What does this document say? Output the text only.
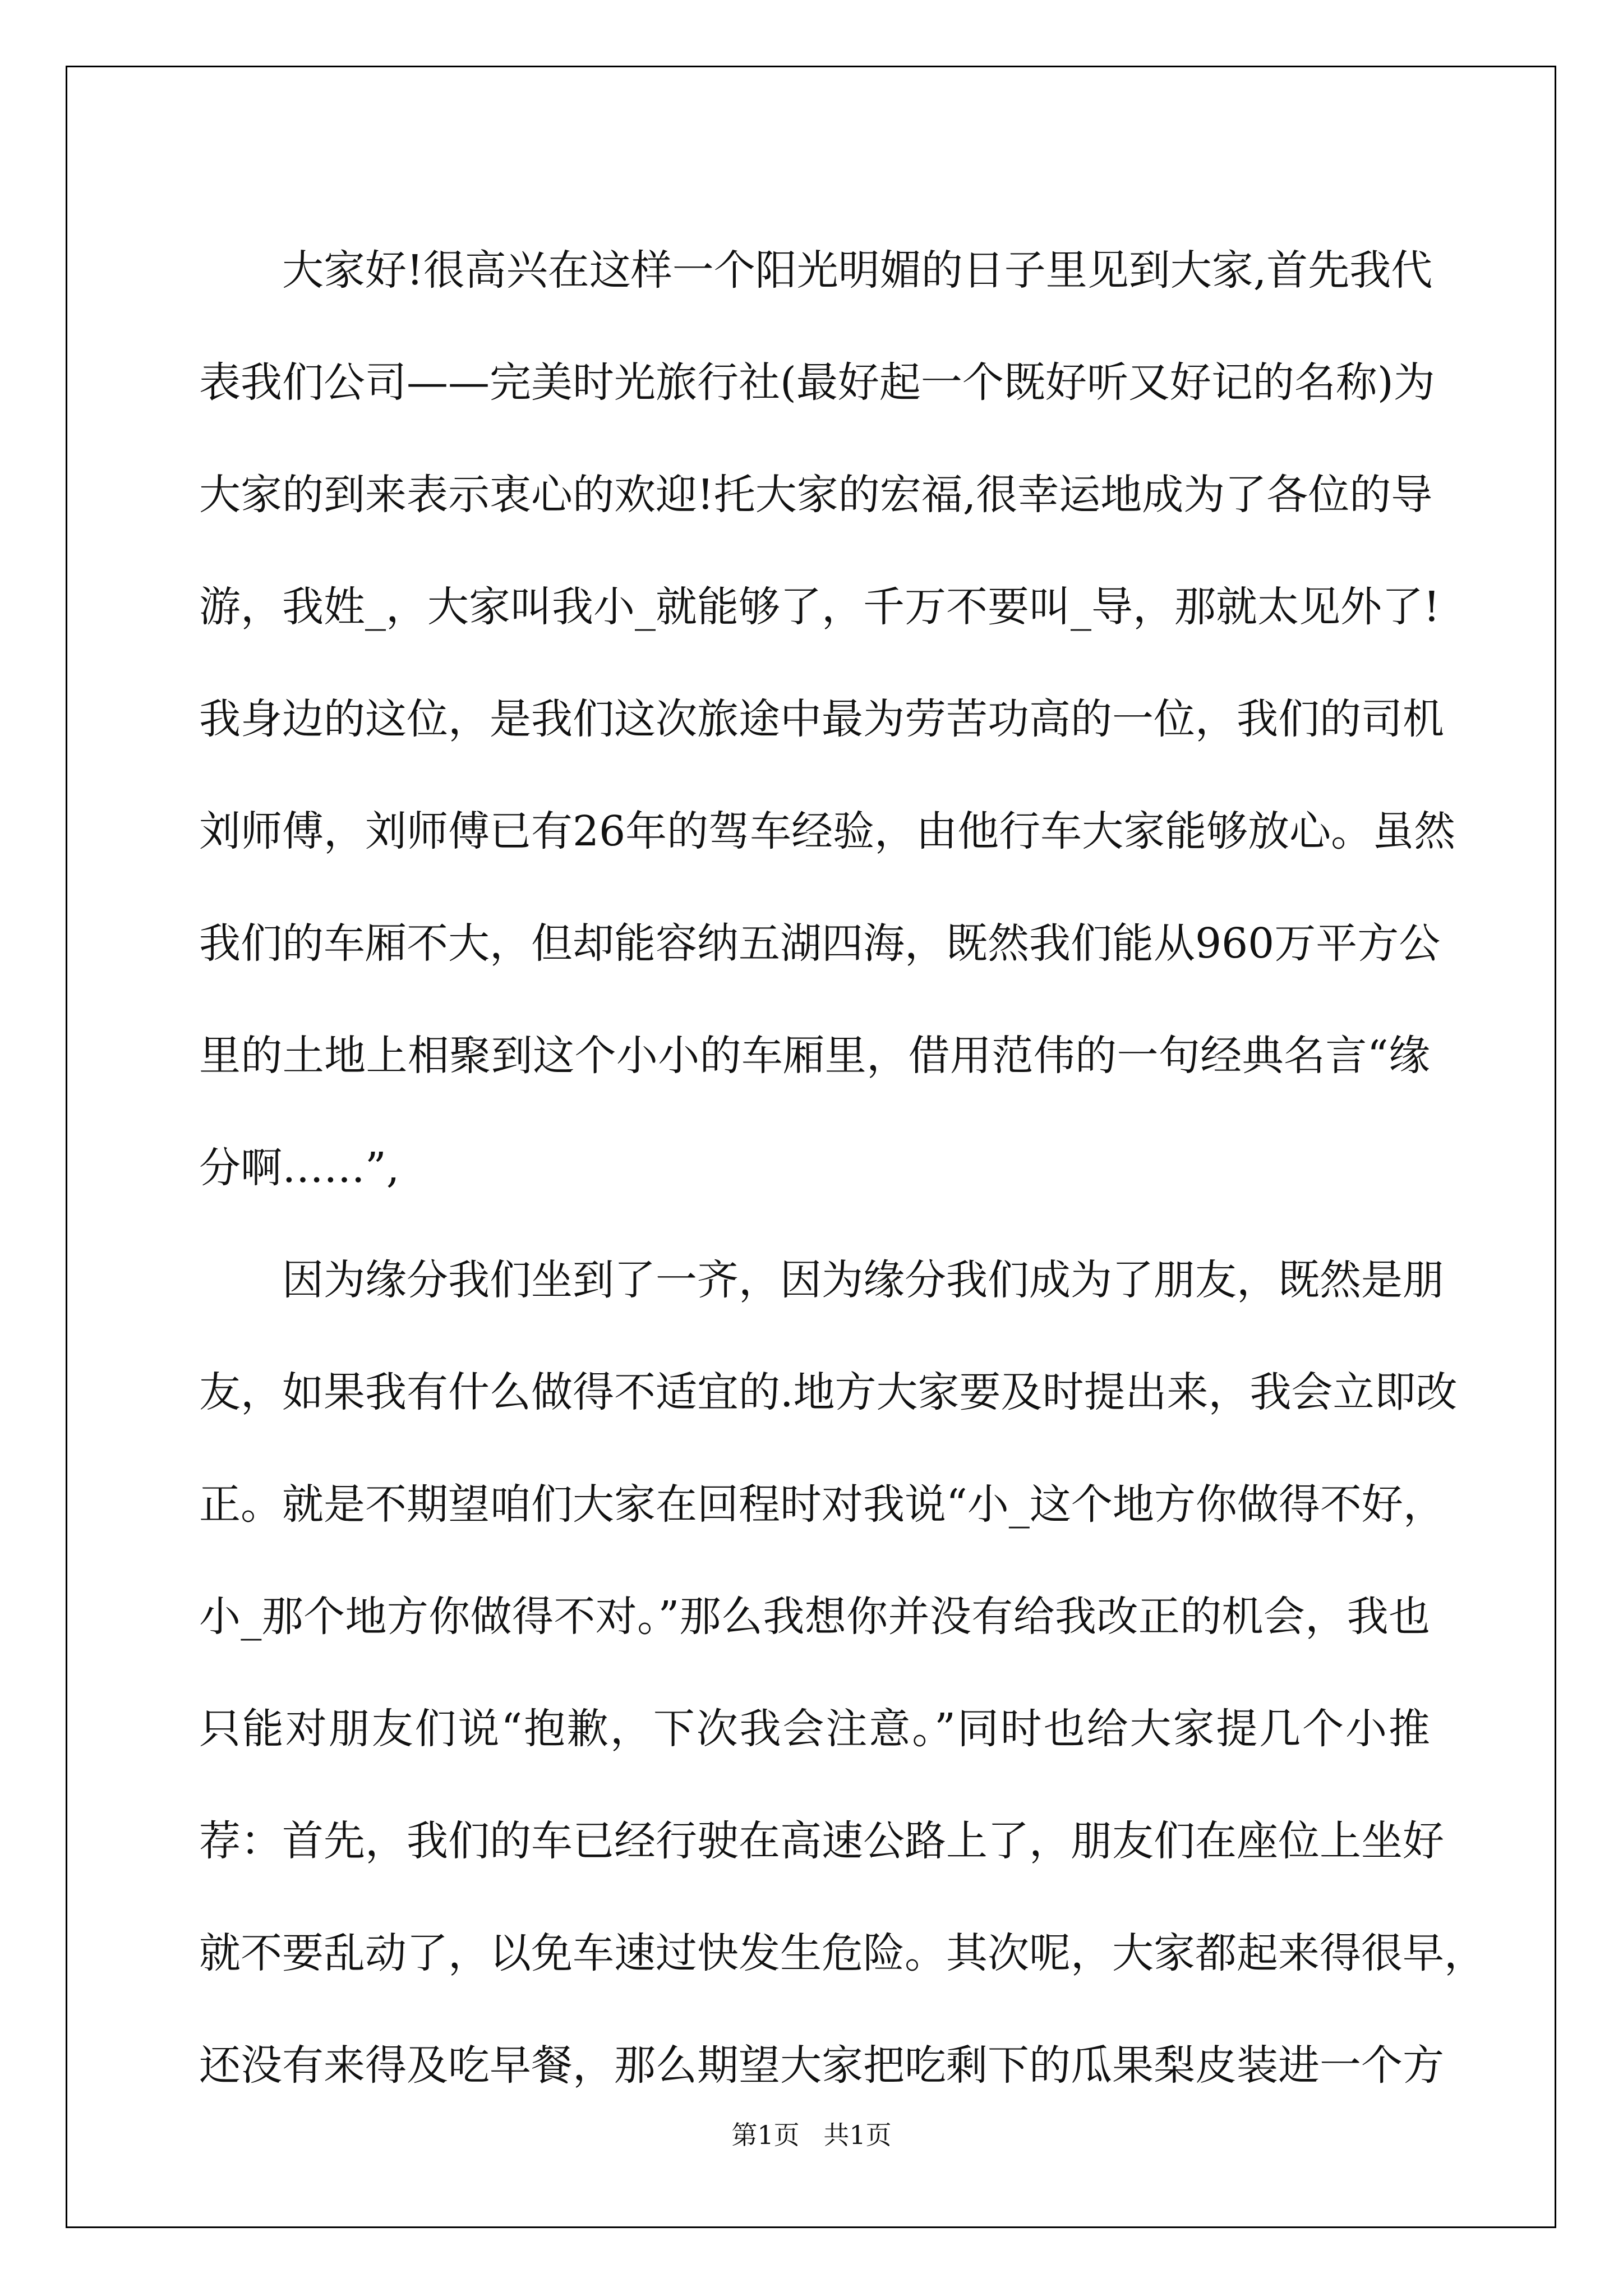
大家好!很高兴在这样一个阳光明媚的日子里见到大家,首先我代
表我们公司——完美时光旅行社(最好起一个既好听又好记的名称)为
大家的到来表示衷心的欢迎!托大家的宏福,很幸运地成为了各位的导
游，我姓_，大家叫我小_就能够了，千万不要叫_导，那就太见外了!
我身边的这位，是我们这次旅途中最为劳苦功高的一位，我们的司机
刘师傅，刘师傅已有26年的驾车经验，由他行车大家能够放心。虽然
我们的车厢不大，但却能容纳五湖四海，既然我们能从960万平方公
里的土地上相聚到这个小小的车厢里，借用范伟的一句经典名言“缘
分啊……”,
因为缘分我们坐到了一齐，因为缘分我们成为了朋友，既然是朋
友，如果我有什么做得不适宜的.地方大家要及时提出来，我会立即改
正。就是不期望咱们大家在回程时对我说“小_这个地方你做得不好，
小_那个地方你做得不对。”那么我想你并没有给我改正的机会，我也
只能对朋友们说“抱歉，下次我会注意。”同时也给大家提几个小推
荐：首先，我们的车已经行驶在高速公路上了，朋友们在座位上坐好
就不要乱动了，以免车速过快发生危险。其次呢，大家都起来得很早，
还没有来得及吃早餐，那么期望大家把吃剩下的瓜果梨皮装进一个方
第1页 共1页
